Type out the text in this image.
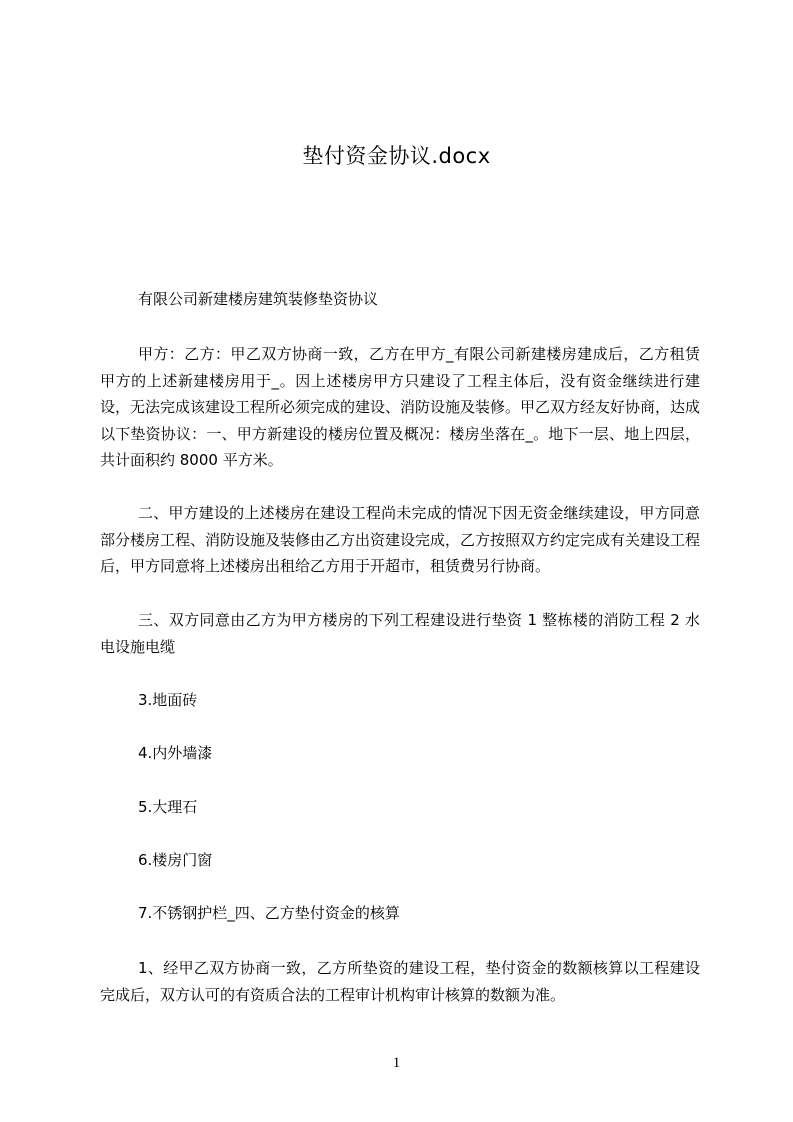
垫付资金协议.docx

有限公司新建楼房建筑装修垫资协议

甲方：乙方：甲乙双方协商一致，乙方在甲方_有限公司新建楼房建成后，乙方租赁甲方的上述新建楼房用于_。因上述楼房甲方只建设了工程主体后，没有资金继续进行建设，无法完成该建设工程所必须完成的建设、消防设施及装修。甲乙双方经友好协商，达成以下垫资协议：一、甲方新建设的楼房位置及概况：楼房坐落在_。地下一层、地上四层，共计面积约 8000 平方米。

二、甲方建设的上述楼房在建设工程尚未完成的情况下因无资金继续建设，甲方同意部分楼房工程、消防设施及装修由乙方出资建设完成，乙方按照双方约定完成有关建设工程后，甲方同意将上述楼房出租给乙方用于开超市，租赁费另行协商。

三、双方同意由乙方为甲方楼房的下列工程建设进行垫资 1 整栋楼的消防工程 2 水电设施电缆

3.地面砖

4.内外墙漆

5.大理石

6.楼房门窗

7.不锈钢护栏_四、乙方垫付资金的核算

1、经甲乙双方协商一致，乙方所垫资的建设工程，垫付资金的数额核算以工程建设完成后，双方认可的有资质合法的工程审计机构审计核算的数额为准。

1
